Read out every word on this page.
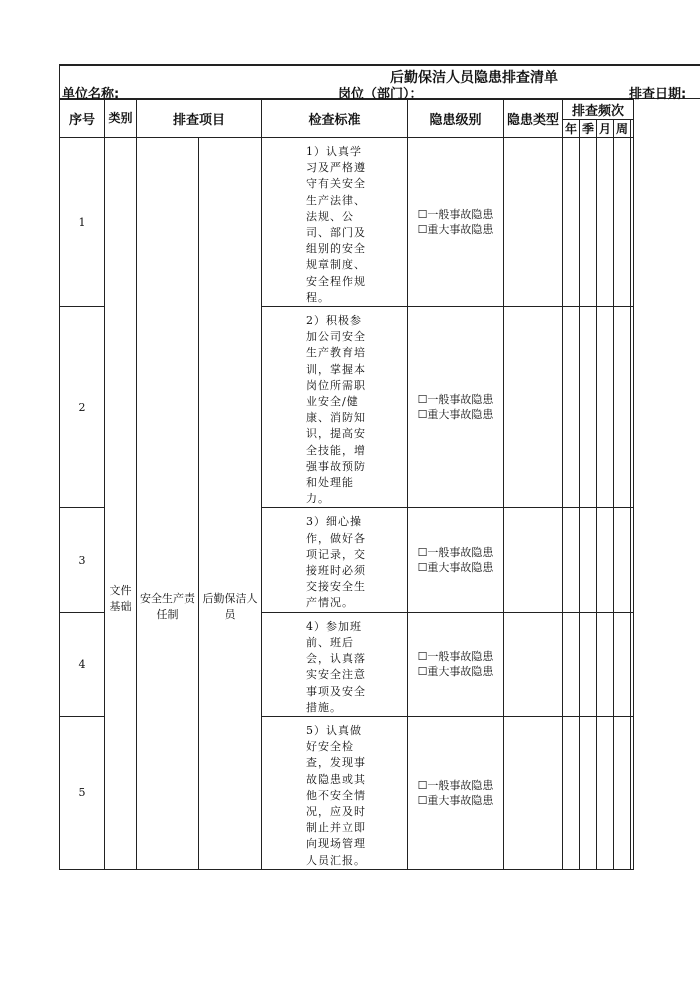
后勤保洁人员隐患排查清单
单位名称:	岗位（部门）：	排查日期:
序号	类别	排查项目		检查标准	隐患级别	隐患类型	排查频次				
							年	季	月	周	
1	文件基础	安全生产责任制	后勤保洁人员	1）认真学习及严格遵守有关安全生产法律、法规、公司、部门及组别的安全规章制度、安全程作规程。	☐一般事故隐患
☐重大事故隐患						

2				2）积极参加公司安全生产教育培训，掌握本岗位所需职业安全/健康、消防知识，提高安全技能，增强事故预防和处理能力。	☐一般事故隐患
☐重大事故隐患						

3				3）细心操作，做好各项记录，交接班时必须交接安全生产情况。	☐一般事故隐患
☐重大事故隐患						

4				4）参加班前、班后会，认真落实安全注意事项及安全措施。	☐一般事故隐患
☐重大事故隐患						

5				5）认真做好安全检查，发现事故隐患或其他不安全情况，应及时制止并立即向现场管理人员汇报。	☐一般事故隐患
☐重大事故隐患						
